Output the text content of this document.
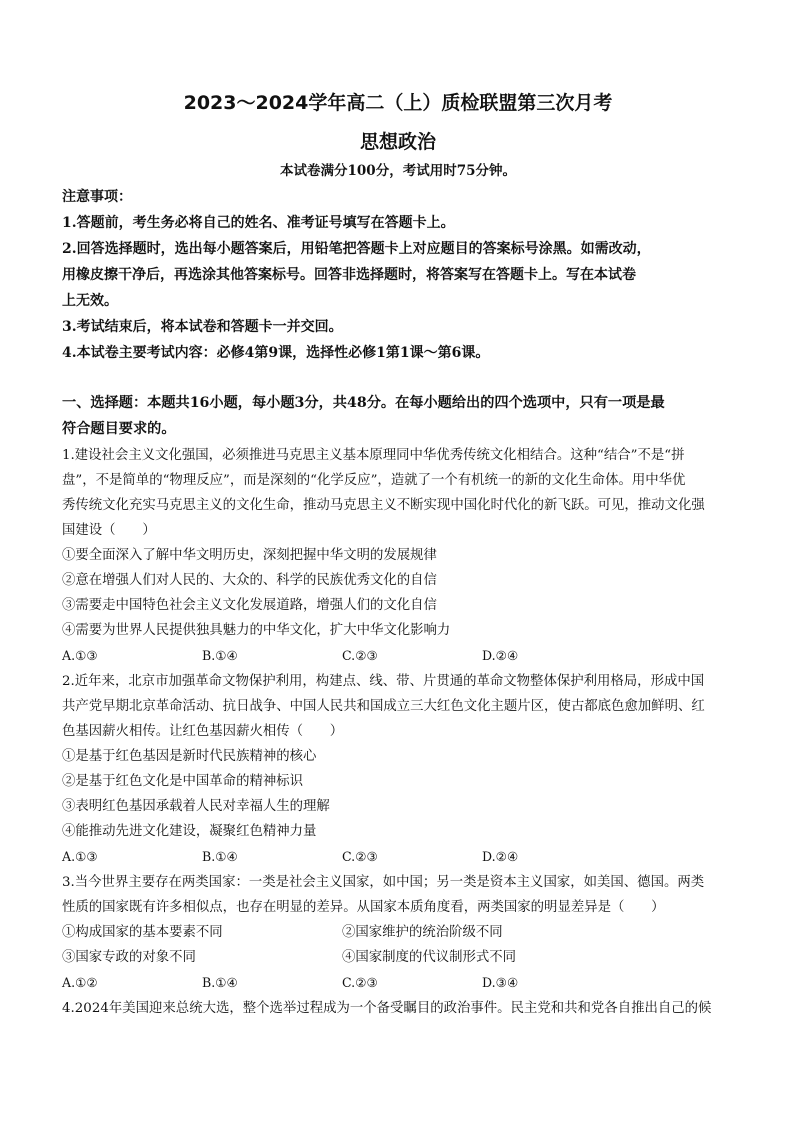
2023～2024学年高二（上）质检联盟第三次月考
思想政治
本试卷满分100分，考试用时75分钟。
注意事项：
1.答题前，考生务必将自己的姓名、准考证号填写在答题卡上。
2.回答选择题时，选出每小题答案后，用铅笔把答题卡上对应题目的答案标号涂黑。如需改动，
用橡皮擦干净后，再选涂其他答案标号。回答非选择题时，将答案写在答题卡上。写在本试卷
上无效。
3.考试结束后，将本试卷和答题卡一并交回。
4.本试卷主要考试内容：必修4第9课，选择性必修1第1课～第6课。
一、选择题：本题共16小题，每小题3分，共48分。在每小题给出的四个选项中，只有一项是最
符合题目要求的。
1.建设社会主义文化强国，必须推进马克思主义基本原理同中华优秀传统文化相结合。这种“结合”不是“拼
盘”，不是简单的“物理反应”，而是深刻的“化学反应”，造就了一个有机统一的新的文化生命体。用中华优
秀传统文化充实马克思主义的文化生命，推动马克思主义不断实现中国化时代化的新飞跃。可见，推动文化强
国建设（　　）
①要全面深入了解中华文明历史，深刻把握中华文明的发展规律
②意在增强人们对人民的、大众的、科学的民族优秀文化的自信
③需要走中国特色社会主义文化发展道路，增强人们的文化自信
④需要为世界人民提供独具魅力的中华文化，扩大中华文化影响力
A.①③	B.①④	C.②③	D.②④
2.近年来，北京市加强革命文物保护利用，构建点、线、带、片贯通的革命文物整体保护利用格局，形成中国
共产党早期北京革命活动、抗日战争、中国人民共和国成立三大红色文化主题片区，使古都底色愈加鲜明、红
色基因薪火相传。让红色基因薪火相传（　　）
①是基于红色基因是新时代民族精神的核心
②是基于红色文化是中国革命的精神标识
③表明红色基因承载着人民对幸福人生的理解
④能推动先进文化建设，凝聚红色精神力量
A.①③	B.①④	C.②③	D.②④
3.当今世界主要存在两类国家：一类是社会主义国家，如中国；另一类是资本主义国家，如美国、德国。两类
性质的国家既有许多相似点，也存在明显的差异。从国家本质角度看，两类国家的明显差异是（　　）
①构成国家的基本要素不同	②国家维护的统治阶级不同
③国家专政的对象不同	④国家制度的代议制形式不同
A.①②	B.①④	C.②③	D.③④
4.2024年美国迎来总统大选，整个选举过程成为一个备受瞩目的政治事件。民主党和共和党各自推出自己的候
